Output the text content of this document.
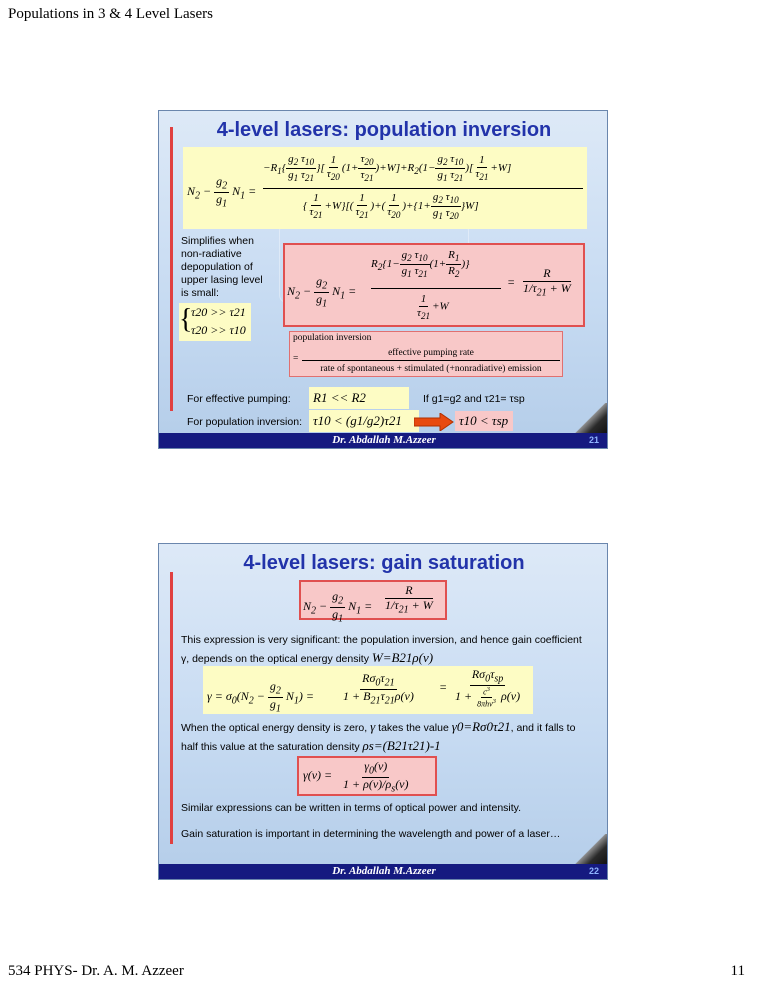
Populations in 3 & 4 Level Lasers
4-level lasers: population inversion
$N_2 - \frac{g_2}{g_1} N_1$ =
$-R_1\{ \frac{g_2 \tau_{10}}{g_1 \tau_{21}}$ }[ $\frac{1}{\tau_{20}} (1+ \frac{\tau_{20}}{\tau_{21}} )+W]+R_2(1- \frac{g_2 \tau_{10}}{g_1 \tau_{21}}$ )[ $\frac{1}{\tau_{21}} +W$]
{ $\frac{1}{\tau_{21}} +W\}[( \frac{1}{\tau_{21}}$ )+( $\frac{1}{\tau_{20}} )+\{1+ \frac{g_2 \tau_{10}}{g_1 \tau_{20}} \}W$]
Simplifies when non-radiative depopulation of upper lasing level is small:
{
τ20 >> τ21
τ20 >> τ10
$N_2 - \frac{g_2}{g_1} N_1$ =
$R_2\{1- \frac{g_2 \tau_{10}}{g_1 \tau_{21}} (1+ \frac{R_1}{R_2}$ )}
$\frac{1}{\tau_{21}} +W$
= $\frac{R}{1/\tau_{21} + W}$
population inversion
=
effective pumping rate
rate of spontaneous + stimulated (+nonradiative) emission
For effective pumping:	R1 << R2	If g1=g2 and τ21= τsp
For population inversion: τ10 < (g1/g2)τ21	τ10 < τsp
Dr. Abdallah M.Azzeer	21
4-level lasers: gain saturation
$N_2 - \frac{g_2}{g_1} N_1 = \frac{R}{1/\tau_{21} + W}$
This expression is very significant: the population inversion, and hence gain coefficient γ, depends on the optical energy density W=B21ρ(ν)
$\gamma = \sigma_0(N_2 - \frac{g_2}{g_1} N_1) = \frac{R\sigma_0\tau_{21}}{1 + B_{21}\tau_{21}\rho(\nu)} = \frac{R\sigma_0\tau_{sp}}{1 + \frac{c^3}{8\pi h\nu^3} \rho(\nu)}$
When the optical energy density is zero, γ takes the value γ0=Rσ0τ21, and it falls to half this value at the saturation density ρs=(B21τ21)-1
$\gamma(\nu) = \frac{\gamma_0(\nu)}{1 + \rho(\nu)/\rho_s(\nu)}$
Similar expressions can be written in terms of optical power and intensity.
Gain saturation is important in determining the wavelength and power of a laser…
Dr. Abdallah M.Azzeer	22
534 PHYS- Dr. A. M. Azzeer	11
